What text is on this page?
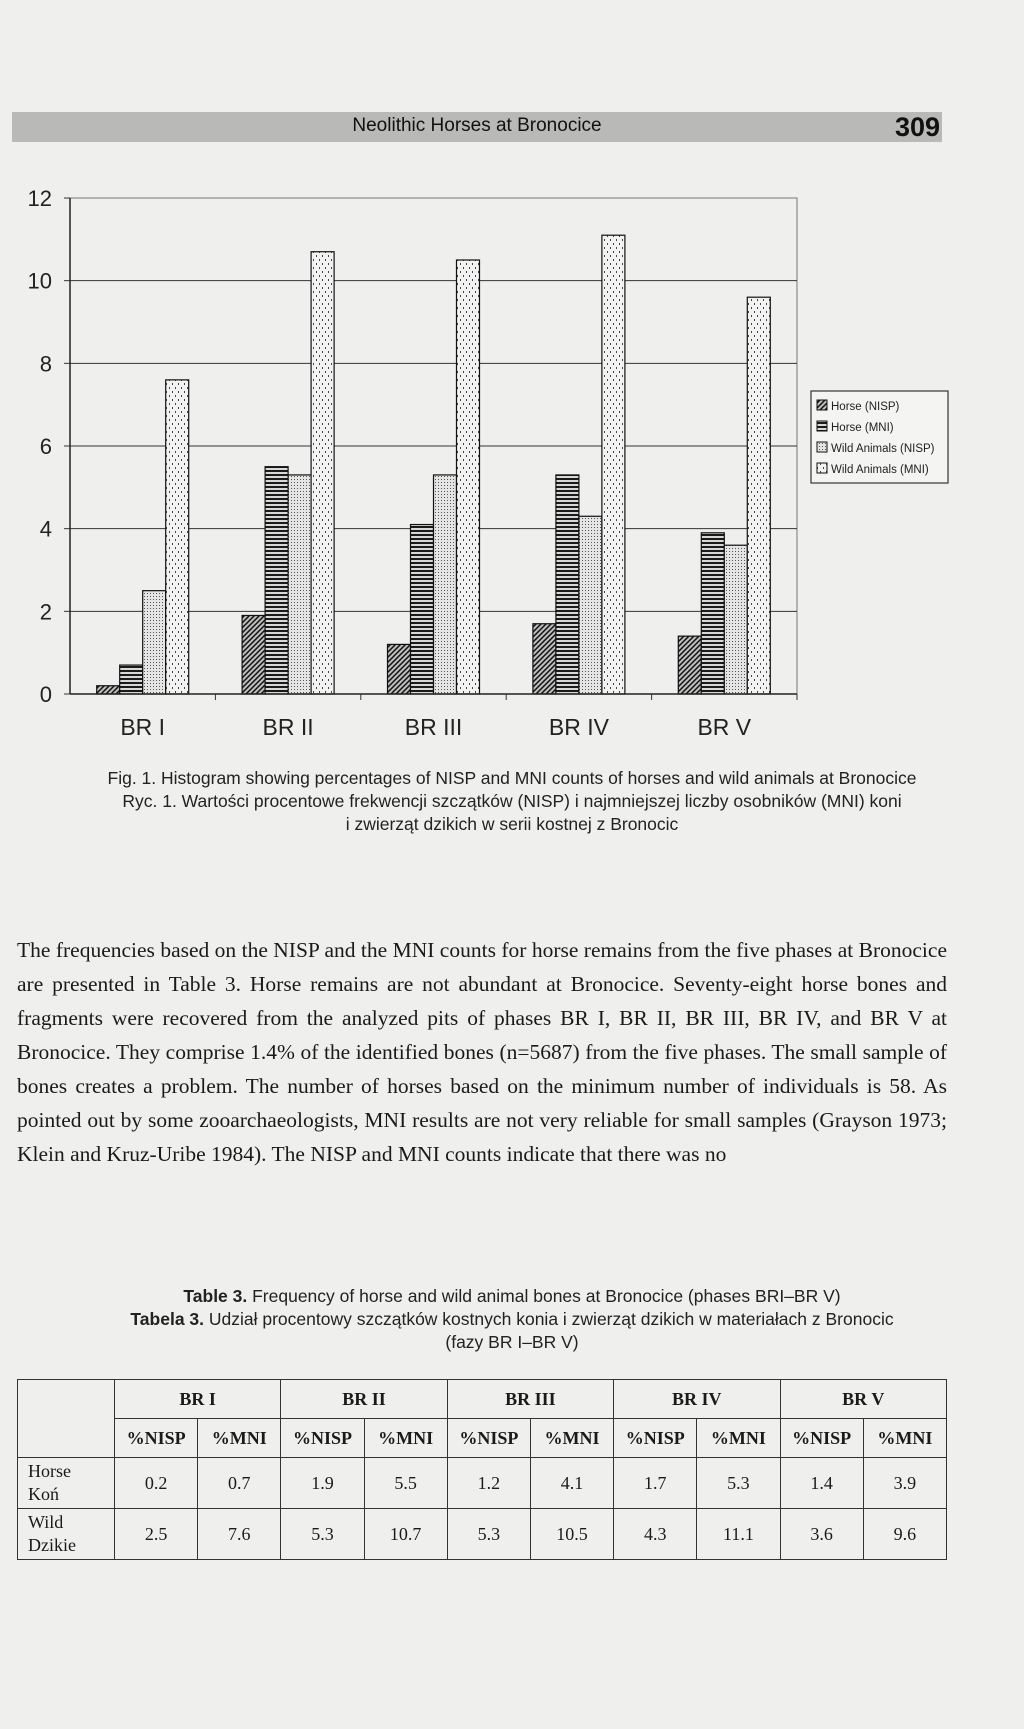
Neolithic Horses at Bronocice	309
0
2
4
6
8
10
12
BR I	BR II	BR III	BR IV	BR V
Horse (NISP)
Horse (MNI)
Wild Animals (NISP)
Wild Animals (MNI)
Fig. 1. Histogram showing percentages of NISP and MNI counts of horses and wild animals at Bronocice
Ryc. 1. Wartości procentowe frekwencji szczątków (NISP) i najmniejszej liczby osobników (MNI) koni
i zwierząt dzikich w serii kostnej z Bronocic
The frequencies based on the NISP and the MNI counts for horse remains from the five phases at Bronocice are presented in Table 3. Horse remains are not abundant at Bronocice. Seventy-eight horse bones and fragments were recovered from the analyzed pits of phases BR I, BR II, BR III, BR IV, and BR V at Bronocice. They comprise 1.4% of the identified bones (n=5687) from the five phases. The small sample of bones creates a problem. The number of horses based on the minimum number of individuals is 58. As pointed out by some zooarchaeologists, MNI results are not very reliable for small samples (Grayson 1973; Klein and Kruz-Uribe 1984). The NISP and MNI counts indicate that there was no
Table 3. Frequency of horse and wild animal bones at Bronocice (phases BRI–BR V)
Tabela 3. Udział procentowy szczątków kostnych konia i zwierząt dzikich w materiałach z Bronocic
(fazy BR I–BR V)
	BR I		BR II		BR III		BR IV		BR V	
	%NISP	%MNI	%NISP	%MNI	%NISP	%MNI	%NISP	%MNI	%NISP	%MNI

Horse
Koń	0.2	0.7	1.9	5.5	1.2	4.1	1.7	5.3	1.4	3.9

Wild
Dzikie	2.5	7.6	5.3	10.7	5.3	10.5	4.3	11.1	3.6	9.6
